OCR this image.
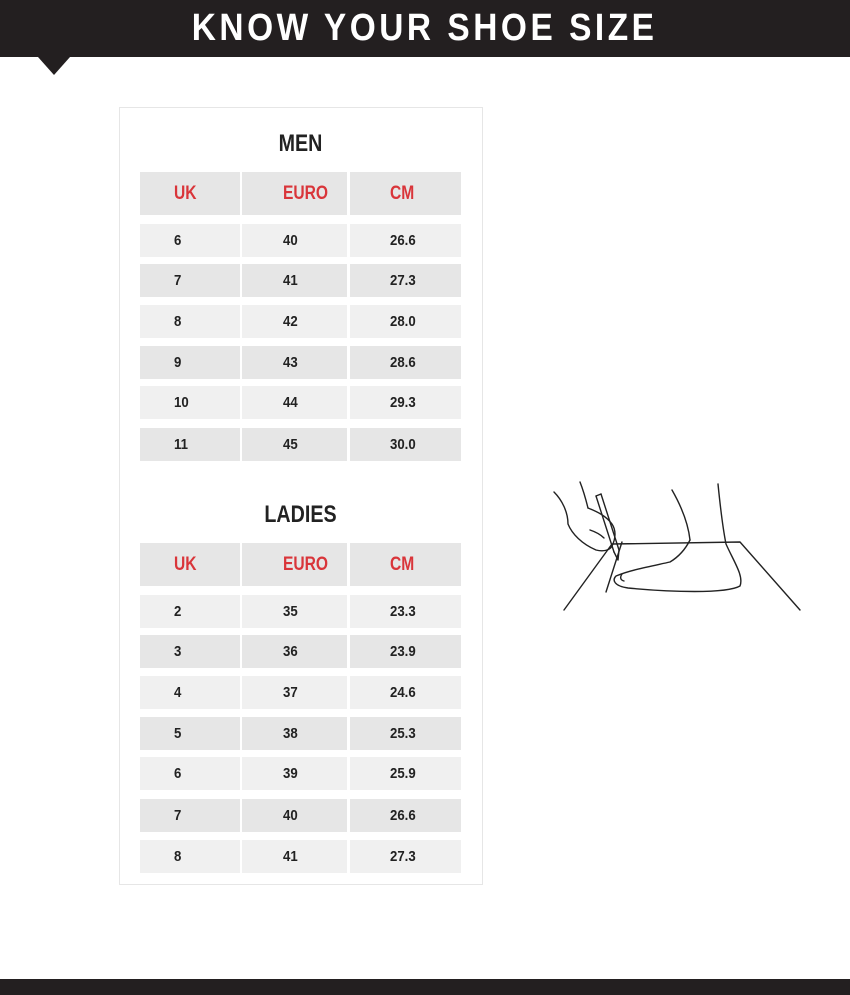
KNOW YOUR SHOE SIZE
MEN
UK	EURO	CM
6	40	26.6
7	41	27.3
8	42	28.0
9	43	28.6
10	44	29.3
11	45	30.0
LADIES
UK	EURO	CM
2	35	23.3
3	36	23.9
4	37	24.6
5	38	25.3
6	39	25.9
7	40	26.6
8	41	27.3
